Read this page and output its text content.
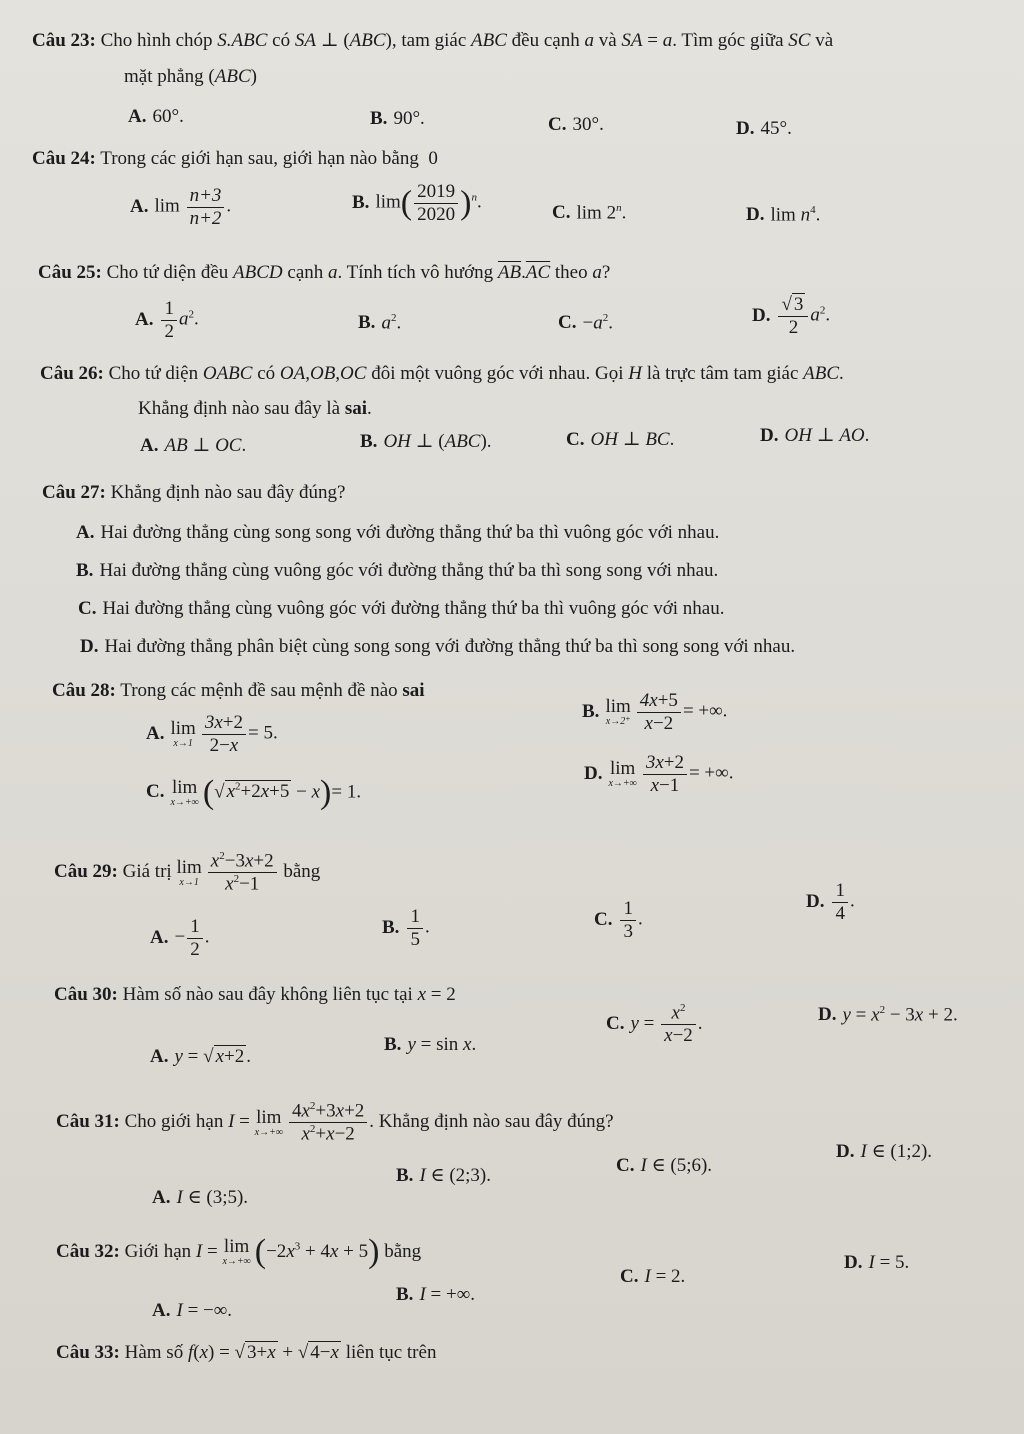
Câu 23: Cho hình chóp S.ABC có SA ⊥ (ABC), tam giác ABC đều cạnh a và SA = a. Tìm góc giữa SC và
mặt phẳng (ABC)
A. 60°.	B. 90°.	C. 30°.	D. 45°.
Câu 24: Trong các giới hạn sau, giới hạn nào bằng  0
A. $\lim \frac{n+3}{n+2}$ .	B. $\lim( \frac{2019}{2020} )^n$.
C. lim 2$^n$.	D. $\lim n^4$.
Câu 25: Cho tứ diện đều ABCD cạnh a. Tính tích vô hướng $\overline{AB}.\overline{AC}$ theo a?
A. $\frac{1}{2} a^2$.	B. $a^2$.	C. $-a^2$.	D. $\frac{√ 3}{2} a^2$.
Câu 26: Cho tứ diện OABC có OA,OB,OC đôi một vuông góc với nhau. Gọi H là trực tâm tam giác ABC.
Khẳng định nào sau đây là sai.
A. AB ⊥ OC.	B. OH ⊥ (ABC).	C. OH ⊥ BC.	D. OH ⊥ AO.
Câu 27: Khẳng định nào sau đây đúng?
A. Hai đường thẳng cùng song song với đường thẳng thứ ba thì vuông góc với nhau.
B. Hai đường thẳng cùng vuông góc với đường thẳng thứ ba thì song song với nhau.
C. Hai đường thẳng cùng vuông góc với đường thẳng thứ ba thì vuông góc với nhau.
D. Hai đường thẳng phân biệt cùng song song với đường thẳng thứ ba thì song song với nhau.
Câu 28: Trong các mệnh đề sau mệnh đề nào sai
A. lim
$x\to 1 \frac{3x+2}{2-x} = 5$.
B. lim
$x\to 2^+ \frac{4x+5}{x-2}$ = +∞.
C. lim
x→+∞ (√ $x^2+2x+5 - x)= 1$.
D. lim
$x\to+\infty \frac{3x+2}{x-1}$ = +∞.
Câu 29: Giá trị lim
$x\to 1 \frac{x^2-3x+2}{x^2-1}$ bằng
A. − $\frac{1}{2}$ .	B. $\frac{1}{5}$ .	C. $\frac{1}{3}$ .
D. $\frac{1}{4}$ .
Câu 30: Hàm số nào sau đây không liên tục tại x = 2
A. y = √ x+2 .
B. y = sin x.
C. $y = \frac{x^2}{x-2}$ .	D. $y = x^2 - 3x + 2$.
Câu 31: Cho giới hạn I = lim
$x\to+\infty \frac{4x^2+3x+2}{x^2+x-2}$ . Khẳng định nào sau đây đúng?
A. I ∈ (3;5).
B. I ∈ (2;3).	C. I ∈ (5;6).
D. I ∈ (1;2).
Câu 32: Giới hạn I = lim
x→+∞ $(-2x^3 + 4x + 5)$ bằng
A. I = −∞.
B. I = +∞.
C. I = 2.
D. I = 5.
Câu 33: Hàm số f(x) = √ 3+x + √ 4−x liên tục trên
